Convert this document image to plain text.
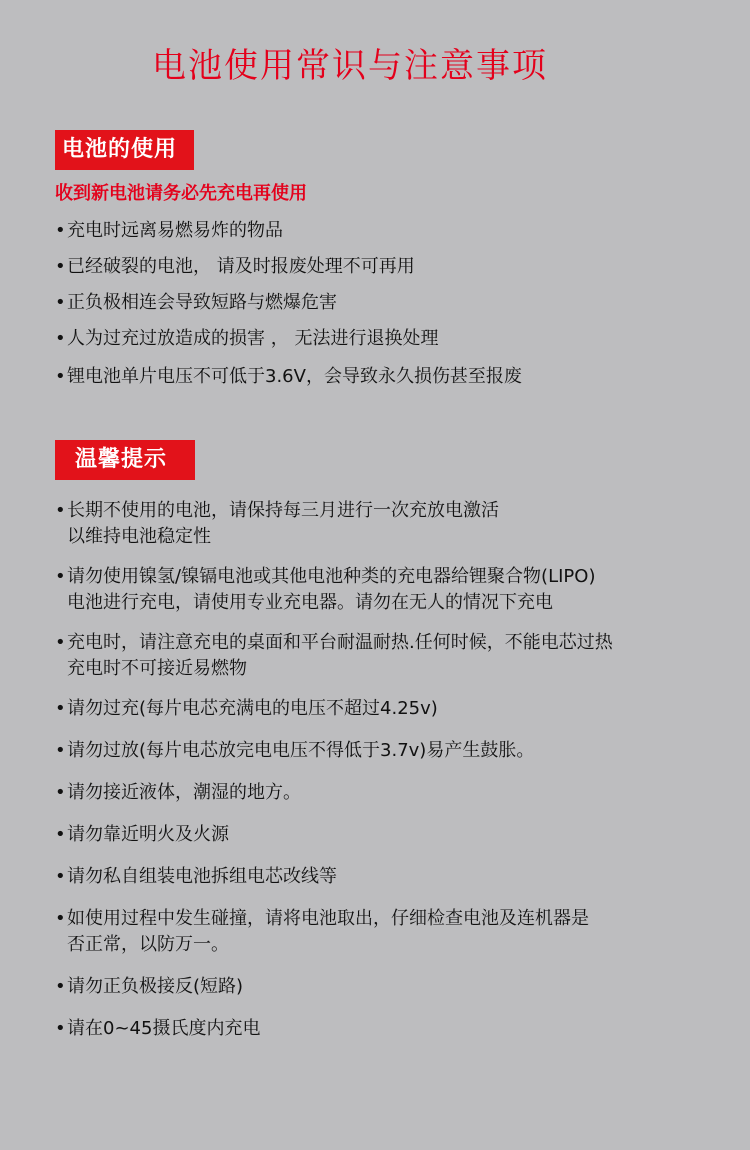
电池使用常识与注意事项
电池的使用
收到新电池请务必先充电再使用
•充电时远离易燃易炸的物品
•已经破裂的电池， 请及时报废处理不可再用
•正负极相连会导致短路与燃爆危害
•人为过充过放造成的损害 ， 无法进行退换处理
•锂电池单片电压不可低于3.6V，会导致永久损伤甚至报废
温馨提示
•长期不使用的电池，请保持每三月进行一次充放电激活
以维持电池稳定性
•请勿使用镍氢/镍镉电池或其他电池种类的充电器给锂聚合物(LIPO)
电池进行充电，请使用专业充电器。请勿在无人的情况下充电
•充电时，请注意充电的桌面和平台耐温耐热.任何时候，不能电芯过热
充电时不可接近易燃物
•请勿过充(每片电芯充满电的电压不超过4.25v)
•请勿过放(每片电芯放完电电压不得低于3.7v)易产生鼓胀。
•请勿接近液体，潮湿的地方。
•请勿靠近明火及火源
•请勿私自组装电池拆组电芯改线等
•如使用过程中发生碰撞，请将电池取出，仔细检查电池及连机器是
否正常，以防万一。
•请勿正负极接反(短路)
•请在0~45摄氏度内充电
